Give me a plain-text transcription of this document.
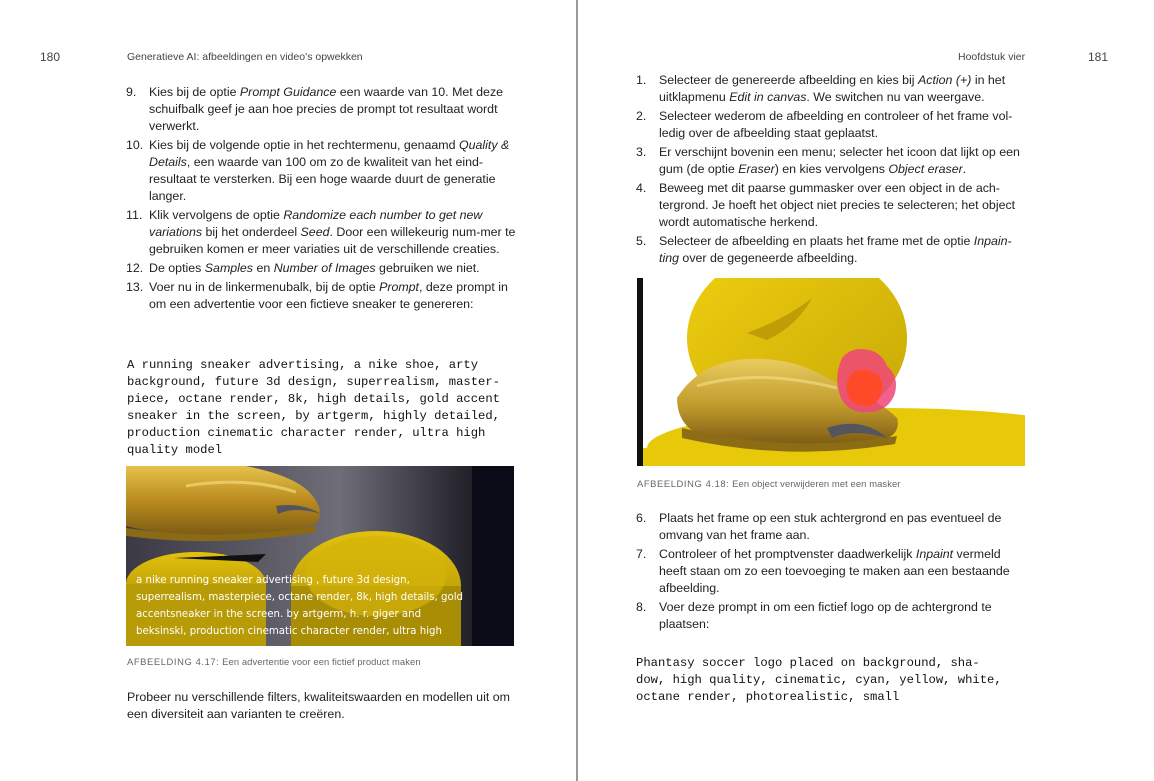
180	Generatieve AI: afbeeldingen en video’s opwekken
9. Kies bij de optie Prompt Guidance een waarde van 10. Met deze schuifbalk geef je aan hoe precies de prompt tot resultaat wordt verwerkt.
10. Kies bij de volgende optie in het rechtermenu, genaamd Quality & Details, een waarde van 100 om zo de kwaliteit van het eind-resultaat te versterken. Bij een hoge waarde duurt de generatie langer.
11. Klik vervolgens de optie Randomize each number to get new variations bij het onderdeel Seed. Door een willekeurig num-mer te gebruiken komen er meer variaties uit de verschillende creaties.
12. De opties Samples en Number of Images gebruiken we niet.
13. Voer nu in de linkermenubalk, bij de optie Prompt, deze prompt in om een advertentie voor een fictieve sneaker te genereren:
A running sneaker advertising, a nike shoe, arty
background, future 3d design, superrealism, master-
piece, octane render, 8k, high details, gold accent
sneaker in the screen, by artgerm, highly detailed,
production cinematic character render, ultra high
quality model
~ ≈ ≈
a nike running sneaker advertising , future 3d design,
superrealism, masterpiece, octane render, 8k, high details, gold
accentsneaker in the screen. by artgerm, h. r. giger and
beksinski, production cinematic character render, ultra high
AFBEELDING 4.17: Een advertentie voor een fictief product maken
Probeer nu verschillende filters, kwaliteitswaarden en modellen uit om een diversiteit aan varianten te creëren.
Hoofdstuk vier	181
1. Selecteer de genereerde afbeelding en kies bij Action (+) in het uitklapmenu Edit in canvas. We switchen nu van weergave.
2. Selecteer wederom de afbeelding en controleer of het frame vol-ledig over de afbeelding staat geplaatst.
3. Er verschijnt bovenin een menu; selecter het icoon dat lijkt op een gum (de optie Eraser) en kies vervolgens Object eraser.
4. Beweeg met dit paarse gummasker over een object in de ach-tergrond. Je hoeft het object niet precies te selecteren; het object wordt automatische herkend.
5. Selecteer de afbeelding en plaats het frame met de optie Inpain-ting over de gegeneerde afbeelding.
AFBEELDING 4.18: Een object verwijderen met een masker
6. Plaats het frame op een stuk achtergrond en pas eventueel de omvang van het frame aan.
7. Controleer of het promptvenster daadwerkelijk Inpaint vermeld heeft staan om zo een toevoeging te maken aan een bestaande afbeelding.
8. Voer deze prompt in om een fictief logo op de achtergrond te plaatsen:
Phantasy soccer logo placed on background, sha-
dow, high quality, cinematic, cyan, yellow, white,
octane render, photorealistic, small
